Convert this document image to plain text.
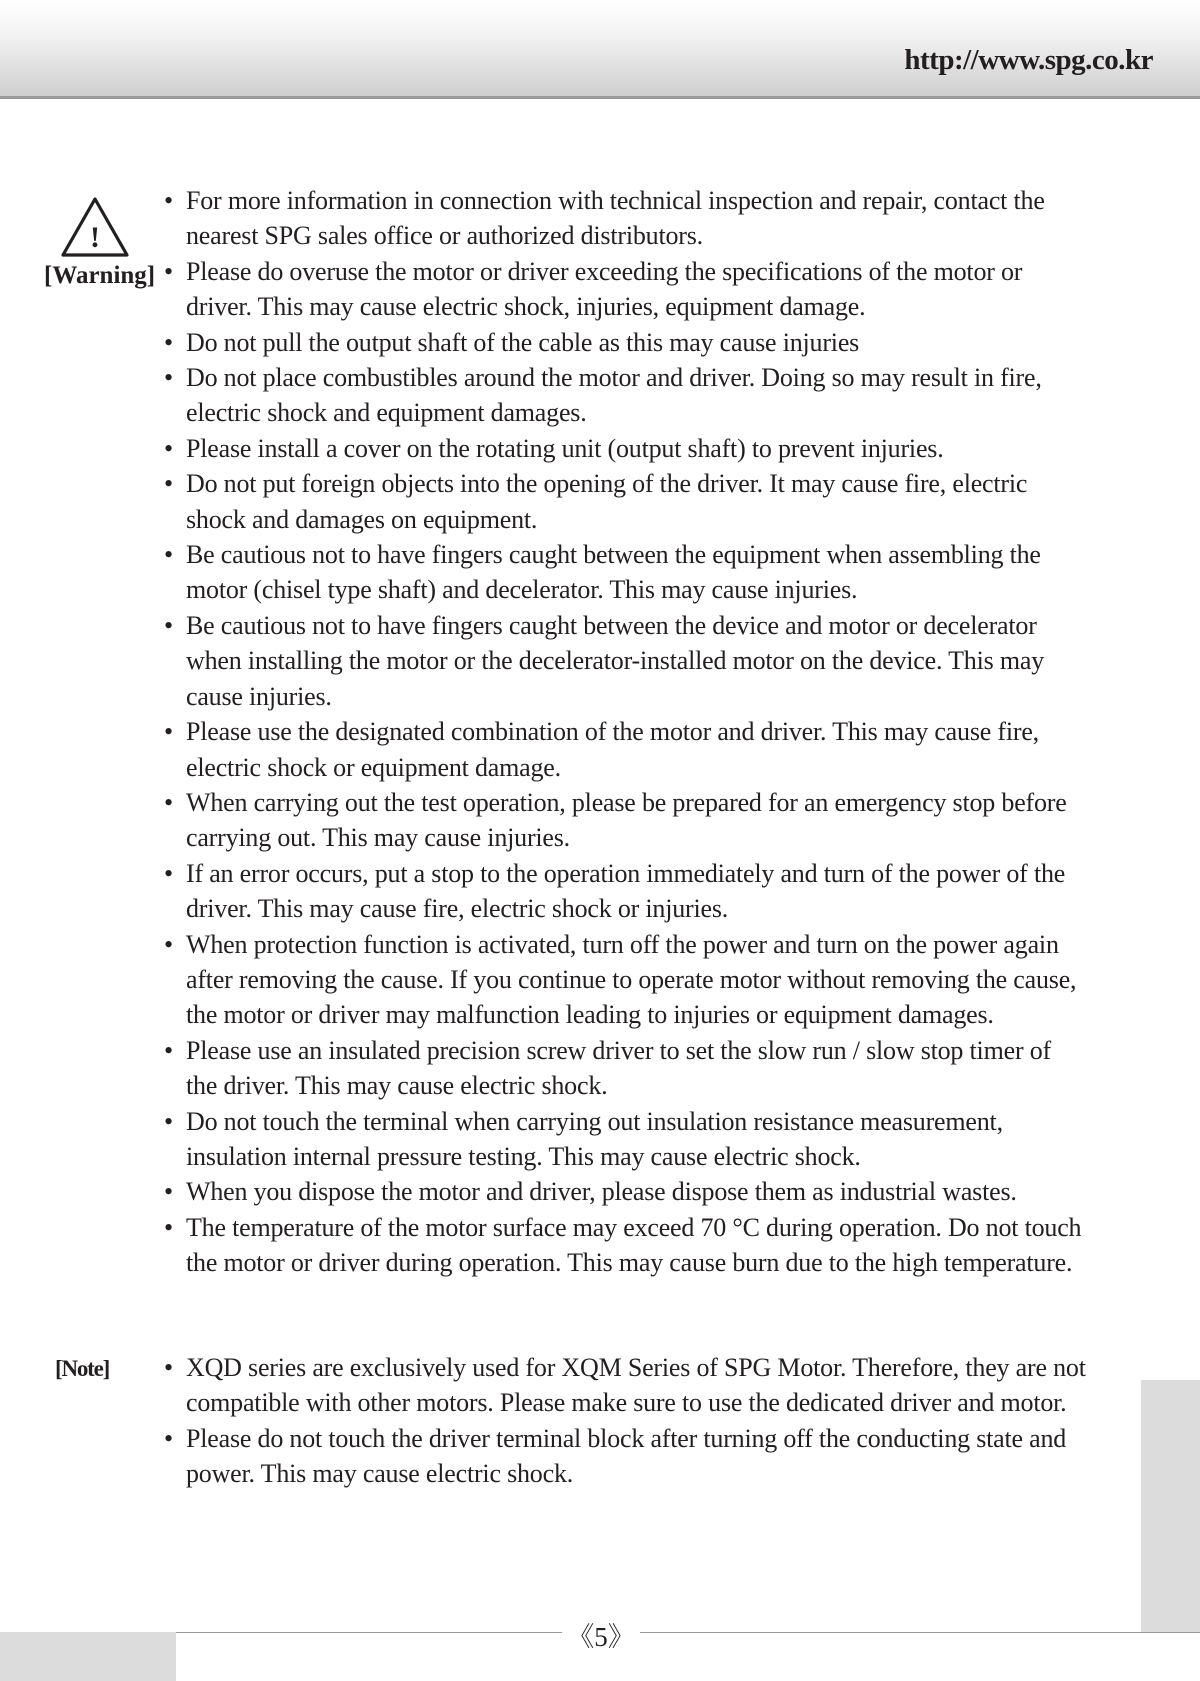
http://www.spg.co.kr
!
[Warning]
• For more information in connection with technical inspection and repair, contact the
nearest SPG sales office or authorized distributors.
• Please do overuse the motor or driver exceeding the specifications of the motor or
driver. This may cause electric shock, injuries, equipment damage.
• Do not pull the output shaft of the cable as this may cause injuries
• Do not place combustibles around the motor and driver. Doing so may result in fire,
electric shock and equipment damages.
• Please install a cover on the rotating unit (output shaft) to prevent injuries.
• Do not put foreign objects into the opening of the driver. It may cause fire, electric
shock and damages on equipment.
• Be cautious not to have fingers caught between the equipment when assembling the
motor (chisel type shaft) and decelerator. This may cause injuries.
• Be cautious not to have fingers caught between the device and motor or decelerator
when installing the motor or the decelerator-installed motor on the device. This may
cause injuries.
• Please use the designated combination of the motor and driver. This may cause fire,
electric shock or equipment damage.
• When carrying out the test operation, please be prepared for an emergency stop before
carrying out. This may cause injuries.
• If an error occurs, put a stop to the operation immediately and turn of the power of the
driver. This may cause fire, electric shock or injuries.
• When protection function is activated, turn off the power and turn on the power again
after removing the cause. If you continue to operate motor without removing the cause,
the motor or driver may malfunction leading to injuries or equipment damages.
• Please use an insulated precision screw driver to set the slow run / slow stop timer of
the driver. This may cause electric shock.
• Do not touch the terminal when carrying out insulation resistance measurement,
insulation internal pressure testing. This may cause electric shock.
• When you dispose the motor and driver, please dispose them as industrial wastes.
• The temperature of the motor surface may exceed 70 °C during operation. Do not touch
the motor or driver during operation. This may cause burn due to the high temperature.
[Note] • XQD series are exclusively used for XQM Series of SPG Motor. Therefore, they are not
compatible with other motors. Please make sure to use the dedicated driver and motor.
• Please do not touch the driver terminal block after turning off the conducting state and
power. This may cause electric shock.
《5》
